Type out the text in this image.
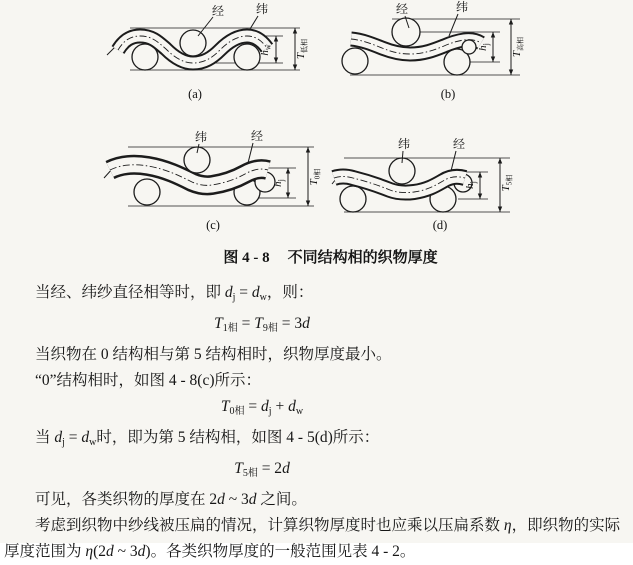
经	纬
$h_w$
$T_{低相}$
(a)
经	纬
$h_j$
$T_{高相}$
(b)
纬	经
$h_j$ $T_{0相}$
(c)
纬	经
$h_j$
$T_{5相}$
(d)
图 4 - 8 不同结构相的织物厚度
当经、纬纱直径相等时，即 dj = dw，则：
T1相 = T9相 = 3d
当织物在 0 结构相与第 5 结构相时，织物厚度最小。
“0”结构相时，如图 4 - 8(c)所示：
T0相 = dj + dw
当 dj = dw时，即为第 5 结构相，如图 4 - 5(d)所示：
T5相 = 2d
可见，各类织物的厚度在 2d ~ 3d 之间。
考虑到织物中纱线被压扁的情况，计算织物厚度时也应乘以压扁系数 η，即织物的实际
厚度范围为 η(2d ~ 3d)。各类织物厚度的一般范围见表 4 - 2。
